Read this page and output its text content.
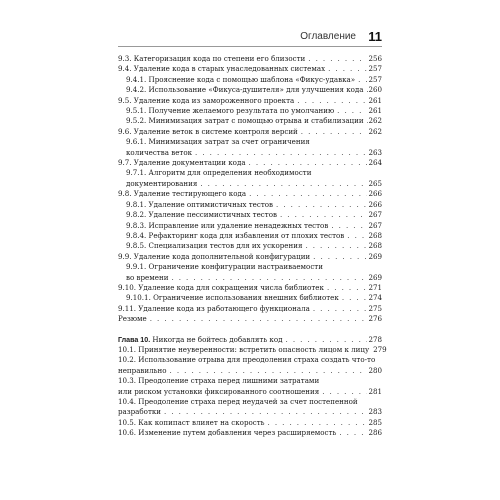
Оглавление 11
9.3. Категоризация кода по степени его близости . . .	256
9.4. Удаление кода в старых унаследованных системах . . .	257
9.4.1. Прояснение кода с помощью шаблона «Фикус-удавка» . . . 257
9.4.2. Использование «Фикуса-душителя» для улучшения кода . . . 260
9.5. Удаление кода из замороженного проекта . . .	261
9.5.1. Получение желаемого результата по умолчанию . . .	261
9.5.2. Минимизация затрат с помощью отрыва и стабилизации . . . 262
9.6. Удаление веток в системе контроля версий . . .	262
9.6.1. Минимизация затрат за счет ограничения
количества веток . . .	263
9.7. Удаление документации кода . . .	264
9.7.1. Алгоритм для определения необходимости
документирования . . .	265
9.8. Удаление тестирующего кода . . .	266
9.8.1. Удаление оптимистичных тестов . . .	266
9.8.2. Удаление пессимистичных тестов . . .	267
9.8.3. Исправление или удаление ненадежных тестов . . .	267
9.8.4. Рефакторинг кода для избавления от плохих тестов . . .	268
9.8.5. Специализация тестов для их ускорения . . .	268
9.9. Удаление кода дополнительной конфигурации . . .	269
9.9.1. Ограничение конфигурации настраиваемости
во времени . . .	269
9.10. Удаление кода для сокращения числа библиотек . . .	271
9.10.1. Ограничение использования внешних библиотек . . .	274
9.11. Удаление кода из работающего функционала . . .	275
Резюме . . .	276
Глава 10. Никогда не бойтесь добавлять код . . .	278
10.1. Принятие неуверенности: встретить опасность лицом к лицу 279
10.2. Использование отрыва для преодоления страха создать что-то
неправильно . . .	280
10.3. Преодоление страха перед лишними затратами
или риском установки фиксированного соотношения . . .	281
10.4. Преодоление страха перед неудачей за счет постепенной
разработки . . .	283
10.5. Как копипаст влияет на скорость . . .	285
10.6. Изменение путем добавления через расширяемость . . .	286
